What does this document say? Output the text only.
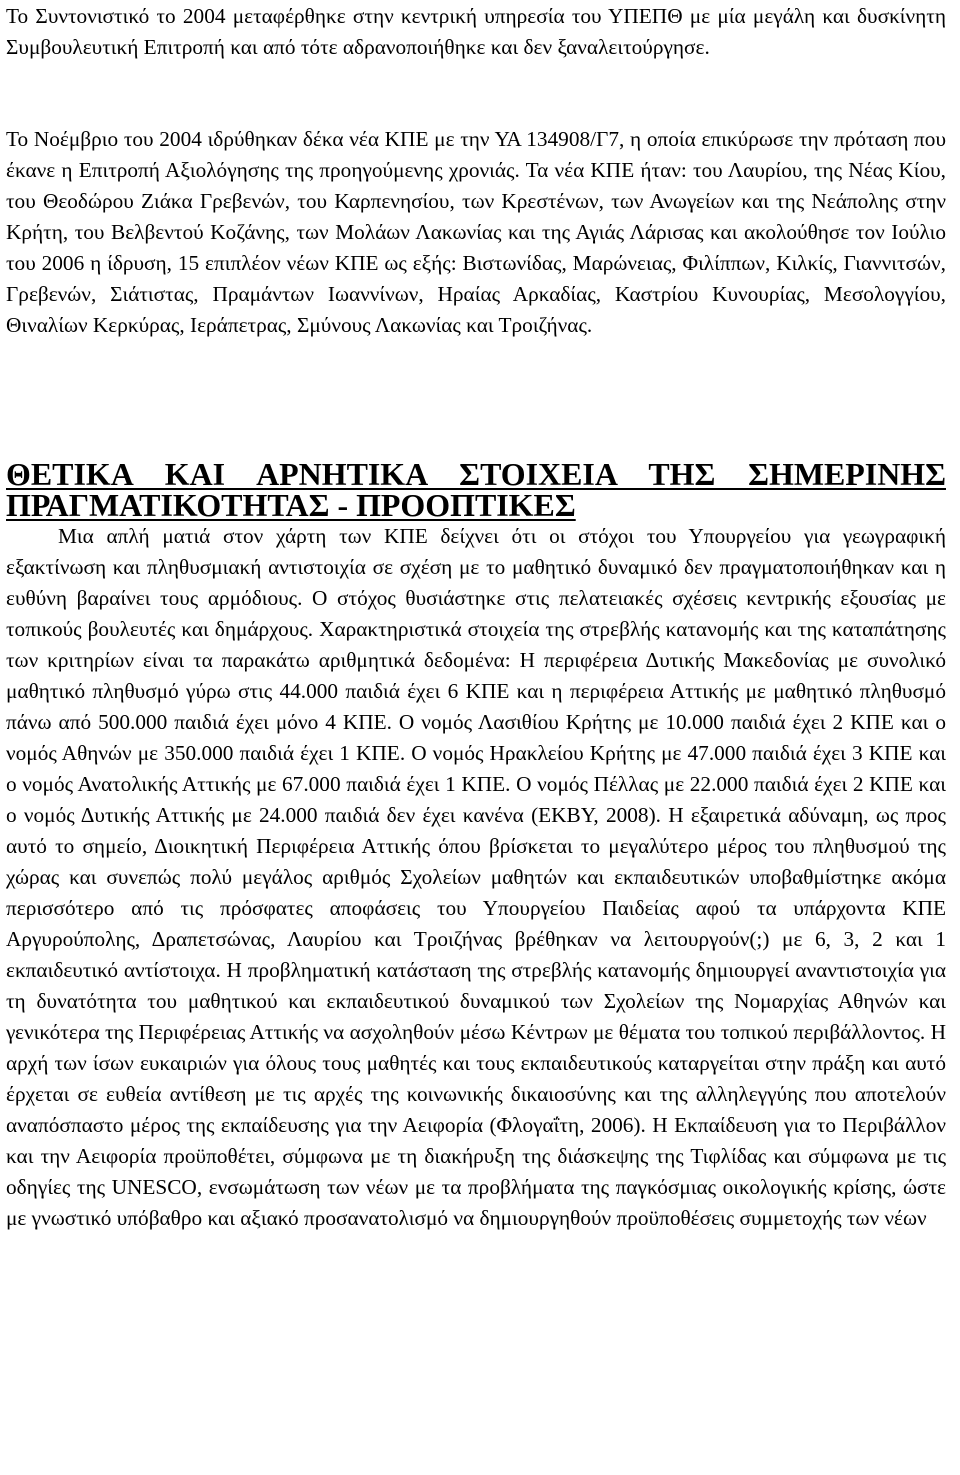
Το Συντονιστικό το 2004 μεταφέρθηκε στην κεντρική υπηρεσία του ΥΠΕΠΘ με μία μεγάλη και δυσκίνητη Συμβουλευτική Επιτροπή και από τότε αδρανοποιήθηκε και δεν ξαναλειτούργησε.

Το Νοέμβριο του 2004 ιδρύθηκαν δέκα νέα ΚΠΕ με την ΥΑ 134908/Γ7, η οποία επικύρωσε την πρόταση που έκανε η Επιτροπή Αξιολόγησης της προηγούμενης χρονιάς. Τα νέα ΚΠΕ ήταν: του Λαυρίου, της Νέας Κίου, του Θεοδώρου Ζιάκα Γρεβενών, του Καρπενησίου, των Κρεστένων, των Ανωγείων και της Νεάπολης στην Κρήτη, του Βελβεντού Κοζάνης, των Μολάων Λακωνίας και της Αγιάς Λάρισας και ακολούθησε τον Ιούλιο του 2006 η ίδρυση, 15 επιπλέον νέων ΚΠΕ ως εξής: Βιστωνίδας, Μαρώνειας, Φιλίππων, Κιλκίς, Γιαννιτσών, Γρεβενών, Σιάτιστας, Πραμάντων Ιωαννίνων, Ηραίας Αρκαδίας, Καστρίου Κυνουρίας, Μεσολογγίου, Θιναλίων Κερκύρας, Ιεράπετρας, Σμύνους Λακωνίας και Τροιζήνας.

ΘΕΤΙΚΑ ΚΑΙ ΑΡΝΗΤΙΚΑ ΣΤΟΙΧΕΙΑ ΤΗΣ ΣΗΜΕΡΙΝΗΣ ΠΡΑΓΜΑΤΙΚΟΤΗΤΑΣ - ΠΡΟΟΠΤΙΚΕΣ

Μια απλή ματιά στον χάρτη των ΚΠΕ δείχνει ότι οι στόχοι του Υπουργείου για γεωγραφική εξακτίνωση και πληθυσμιακή αντιστοιχία σε σχέση με το μαθητικό δυναμικό δεν πραγματοποιήθηκαν και η ευθύνη βαραίνει τους αρμόδιους. Ο στόχος θυσιάστηκε στις πελατειακές σχέσεις κεντρικής εξουσίας με τοπικούς βουλευτές και δημάρχους. Χαρακτηριστικά στοιχεία της στρεβλής κατανομής και της καταπάτησης των κριτηρίων είναι τα παρακάτω αριθμητικά δεδομένα: Η περιφέρεια Δυτικής Μακεδονίας με συνολικό μαθητικό πληθυσμό γύρω στις 44.000 παιδιά έχει 6 ΚΠΕ και η περιφέρεια Αττικής με μαθητικό πληθυσμό πάνω από 500.000 παιδιά έχει μόνο 4 ΚΠΕ. Ο νομός Λασιθίου Κρήτης με 10.000 παιδιά έχει 2 ΚΠΕ και ο νομός Αθηνών με 350.000 παιδιά έχει 1 ΚΠΕ. Ο νομός Ηρακλείου Κρήτης με 47.000 παιδιά έχει 3 ΚΠΕ και ο νομός Ανατολικής Αττικής με 67.000 παιδιά έχει 1 ΚΠΕ. Ο νομός Πέλλας με 22.000 παιδιά έχει 2 ΚΠΕ και ο νομός Δυτικής Αττικής με 24.000 παιδιά δεν έχει κανένα (ΕΚΒΥ, 2008). Η εξαιρετικά αδύναμη, ως προς αυτό το σημείο, Διοικητική Περιφέρεια Αττικής όπου βρίσκεται το μεγαλύτερο μέρος του πληθυσμού της χώρας και συνεπώς πολύ μεγάλος αριθμός Σχολείων μαθητών και εκπαιδευτικών υποβαθμίστηκε ακόμα περισσότερο από τις πρόσφατες αποφάσεις του Υπουργείου Παιδείας αφού τα υπάρχοντα ΚΠΕ Αργυρούπολης, Δραπετσώνας, Λαυρίου και Τροιζήνας βρέθηκαν να λειτουργούν(;) με 6, 3, 2 και 1 εκπαιδευτικό αντίστοιχα. Η προβληματική κατάσταση της στρεβλής κατανομής δημιουργεί αναντιστοιχία για τη δυνατότητα του μαθητικού και εκπαιδευτικού δυναμικού των Σχολείων της Νομαρχίας Αθηνών και γενικότερα της Περιφέρειας Αττικής να ασχοληθούν μέσω Κέντρων με θέματα του τοπικού περιβάλλοντος. Η αρχή των ίσων ευκαιριών για όλους τους μαθητές και τους εκπαιδευτικούς καταργείται στην πράξη και αυτό έρχεται σε ευθεία αντίθεση με τις αρχές της κοινωνικής δικαιοσύνης και της αλληλεγγύης που αποτελούν αναπόσπαστο μέρος της εκπαίδευσης για την Αειφορία (Φλογαΐτη, 2006). Η Εκπαίδευση για το Περιβάλλον και την Αειφορία προϋποθέτει, σύμφωνα με τη διακήρυξη της διάσκεψης της Τιφλίδας και σύμφωνα με τις οδηγίες της UNESCO, ενσωμάτωση των νέων με τα προβλήματα της παγκόσμιας οικολογικής κρίσης, ώστε με γνωστικό υπόβαθρο και αξιακό προσανατολισμό να δημιουργηθούν προϋποθέσεις συμμετοχής των νέων
